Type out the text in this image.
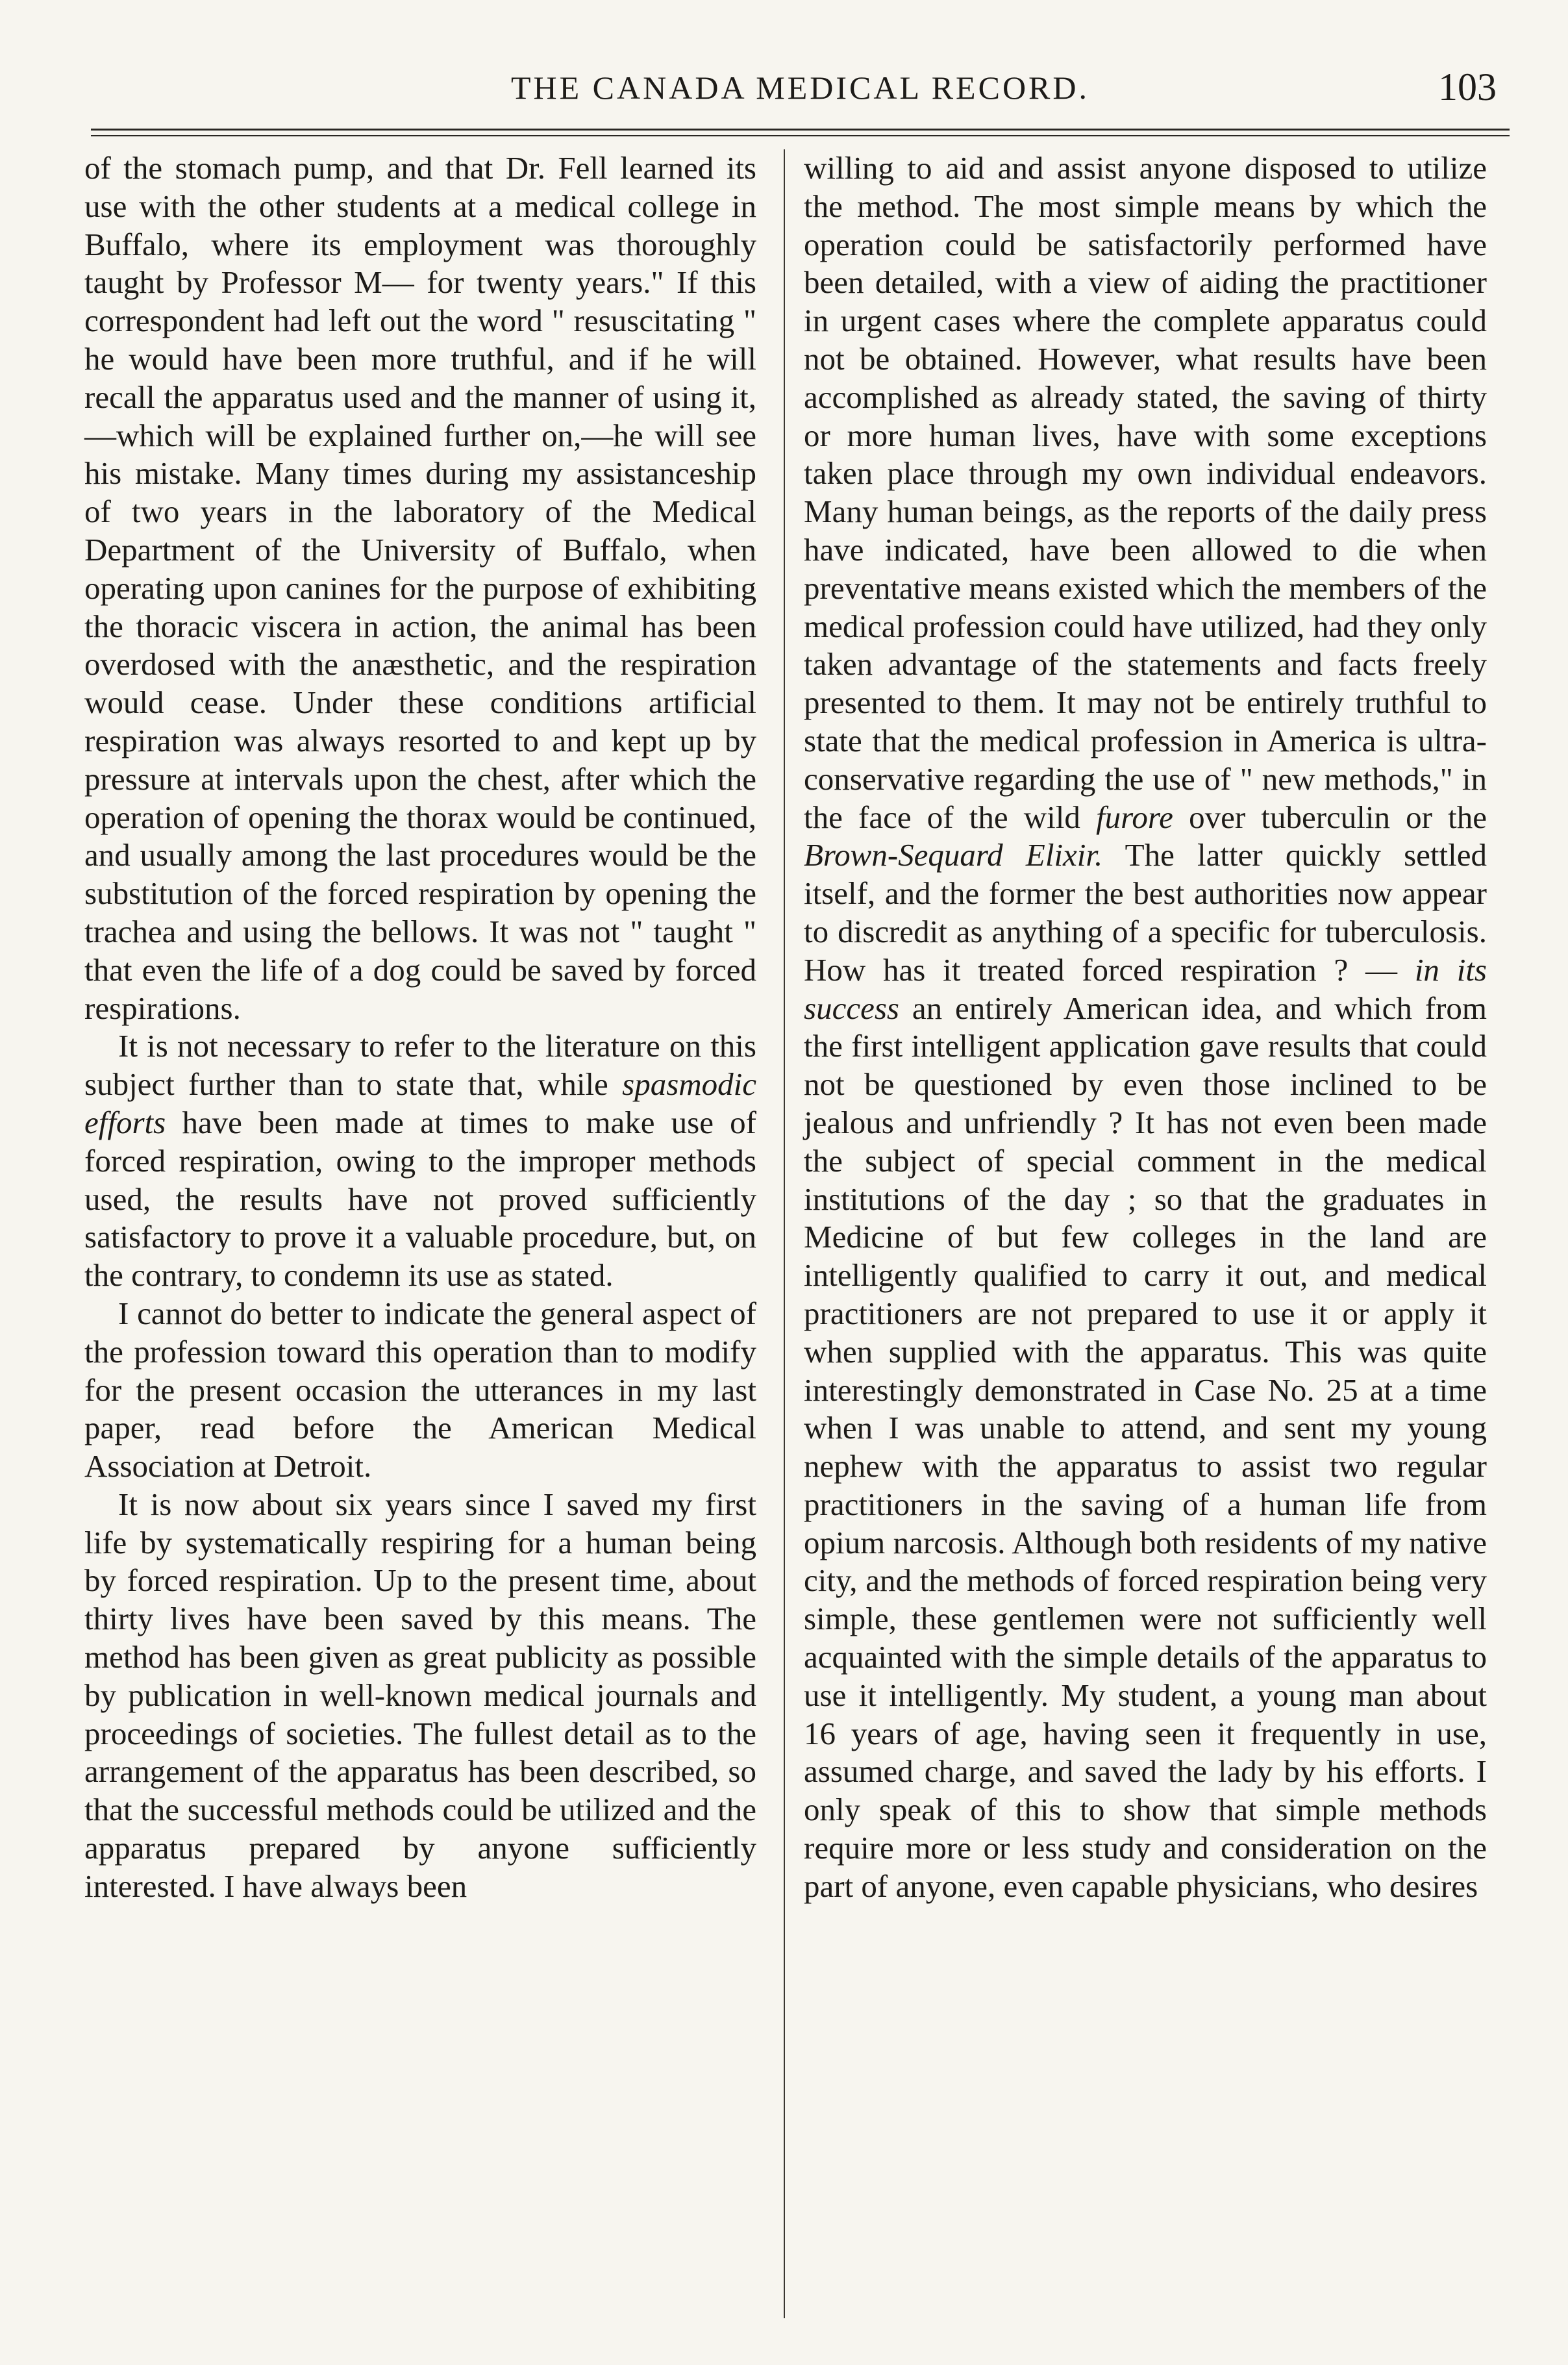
THE CANADA MEDICAL RECORD.	103

of the stomach pump, and that Dr. Fell learned its use with the other students at a medical college in Buffalo, where its employment was thoroughly taught by Professor M— for twenty years." If this correspondent had left out the word " resuscitating " he would have been more truthful, and if he will recall the apparatus used and the manner of using it,—which will be explained further on,—he will see his mistake. Many times during my assistanceship of two years in the laboratory of the Medical Department of the University of Buffalo, when operating upon canines for the purpose of exhibiting the thoracic viscera in action, the animal has been overdosed with the anæsthetic, and the respiration would cease. Under these conditions artificial respiration was always resorted to and kept up by pressure at intervals upon the chest, after which the operation of opening the thorax would be continued, and usually among the last procedures would be the substitution of the forced respiration by opening the trachea and using the bellows. It was not " taught " that even the life of a dog could be saved by forced respirations.

It is not necessary to refer to the literature on this subject further than to state that, while spasmodic efforts have been made at times to make use of forced respiration, owing to the improper methods used, the results have not proved sufficiently satisfactory to prove it a valuable procedure, but, on the contrary, to condemn its use as stated.

I cannot do better to indicate the general aspect of the profession toward this operation than to modify for the present occasion the utterances in my last paper, read before the American Medical Association at Detroit.

It is now about six years since I saved my first life by systematically respiring for a human being by forced respiration. Up to the present time, about thirty lives have been saved by this means. The method has been given as great publicity as possible by publication in well-known medical journals and proceedings of societies. The fullest detail as to the arrangement of the apparatus has been described, so that the successful methods could be utilized and the apparatus prepared by anyone sufficiently interested. I have always been

willing to aid and assist anyone disposed to utilize the method. The most simple means by which the operation could be satisfactorily performed have been detailed, with a view of aiding the practitioner in urgent cases where the complete apparatus could not be obtained. However, what results have been accomplished as already stated, the saving of thirty or more human lives, have with some exceptions taken place through my own individual endeavors. Many human beings, as the reports of the daily press have indicated, have been allowed to die when preventative means existed which the members of the medical profession could have utilized, had they only taken advantage of the statements and facts freely presented to them. It may not be entirely truthful to state that the medical profession in America is ultra-conservative regarding the use of " new methods," in the face of the wild furore over tuberculin or the Brown-Sequard Elixir. The latter quickly settled itself, and the former the best authorities now appear to discredit as anything of a specific for tuberculosis. How has it treated forced respiration ? — in its success an entirely American idea, and which from the first intelligent application gave results that could not be questioned by even those inclined to be jealous and unfriendly ? It has not even been made the subject of special comment in the medical institutions of the day ; so that the graduates in Medicine of but few colleges in the land are intelligently qualified to carry it out, and medical practitioners are not prepared to use it or apply it when supplied with the apparatus. This was quite interestingly demonstrated in Case No. 25 at a time when I was unable to attend, and sent my young nephew with the apparatus to assist two regular practitioners in the saving of a human life from opium narcosis. Although both residents of my native city, and the methods of forced respiration being very simple, these gentlemen were not sufficiently well acquainted with the simple details of the apparatus to use it intelligently. My student, a young man about 16 years of age, having seen it frequently in use, assumed charge, and saved the lady by his efforts. I only speak of this to show that simple methods require more or less study and consideration on the part of anyone, even capable physicians, who desires
